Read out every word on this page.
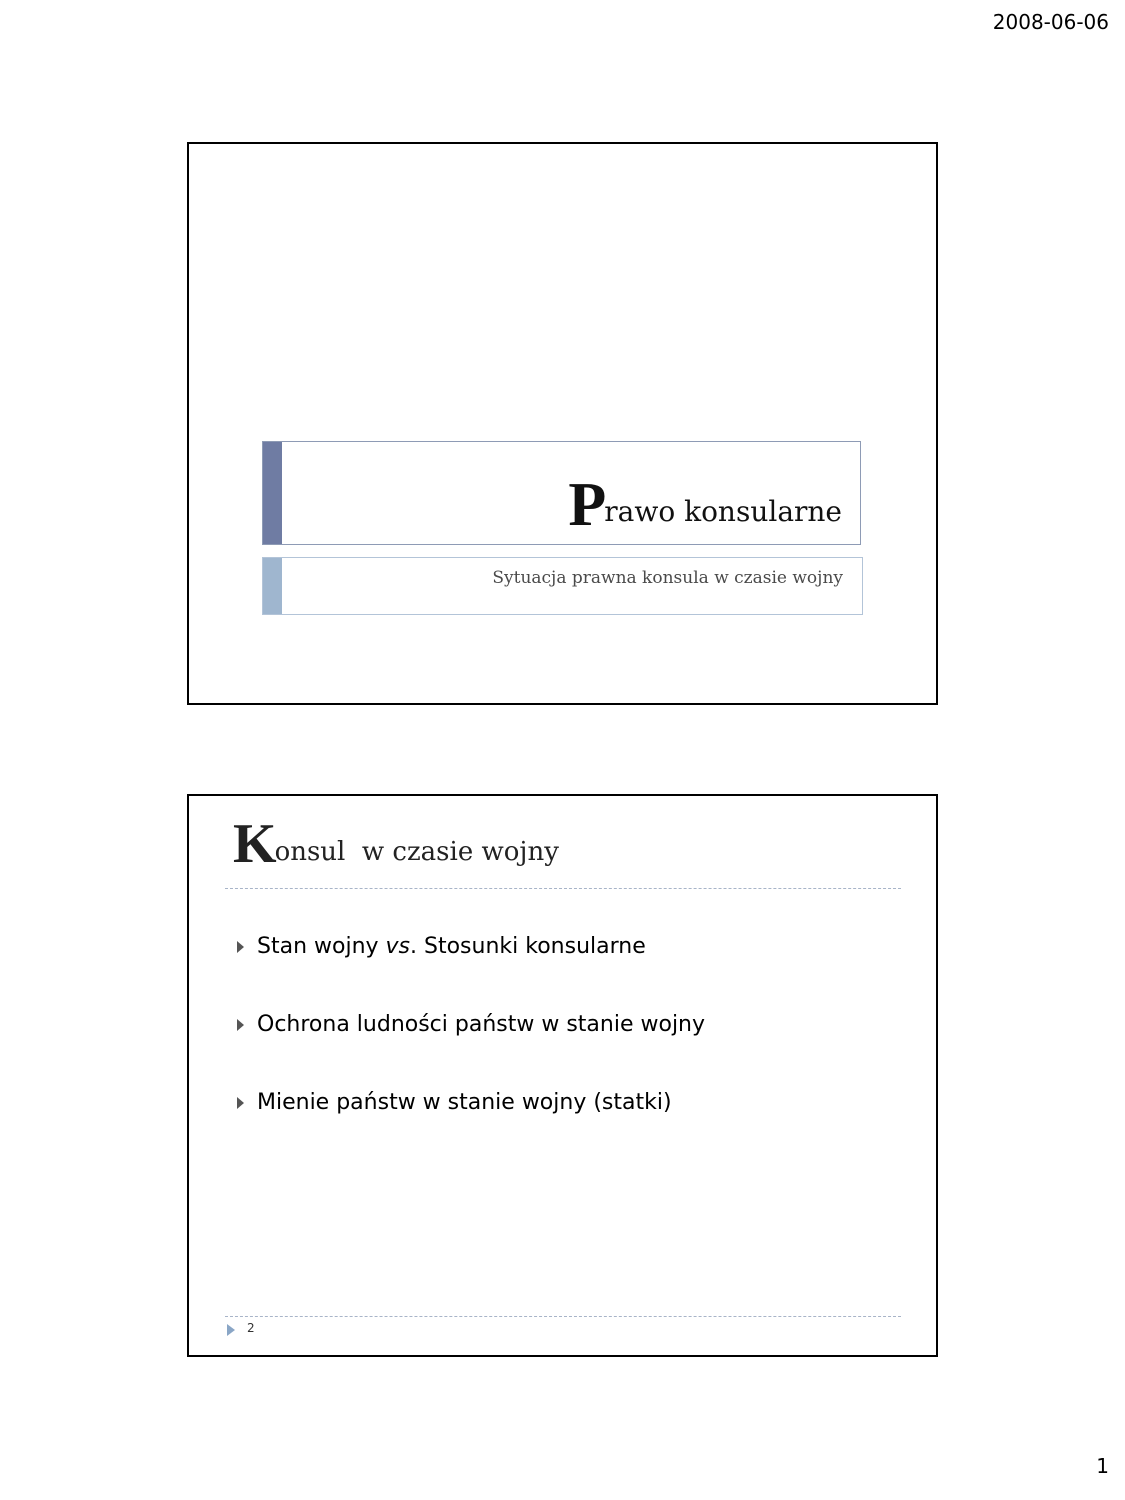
2008-06-06
Prawo konsularne
Sytuacja prawna konsula w czasie wojny
Konsul  w czasie wojny
Stan wojny vs. Stosunki konsularne
Ochrona ludności państw w stanie wojny
Mienie państw w stanie wojny (statki)
2
1
